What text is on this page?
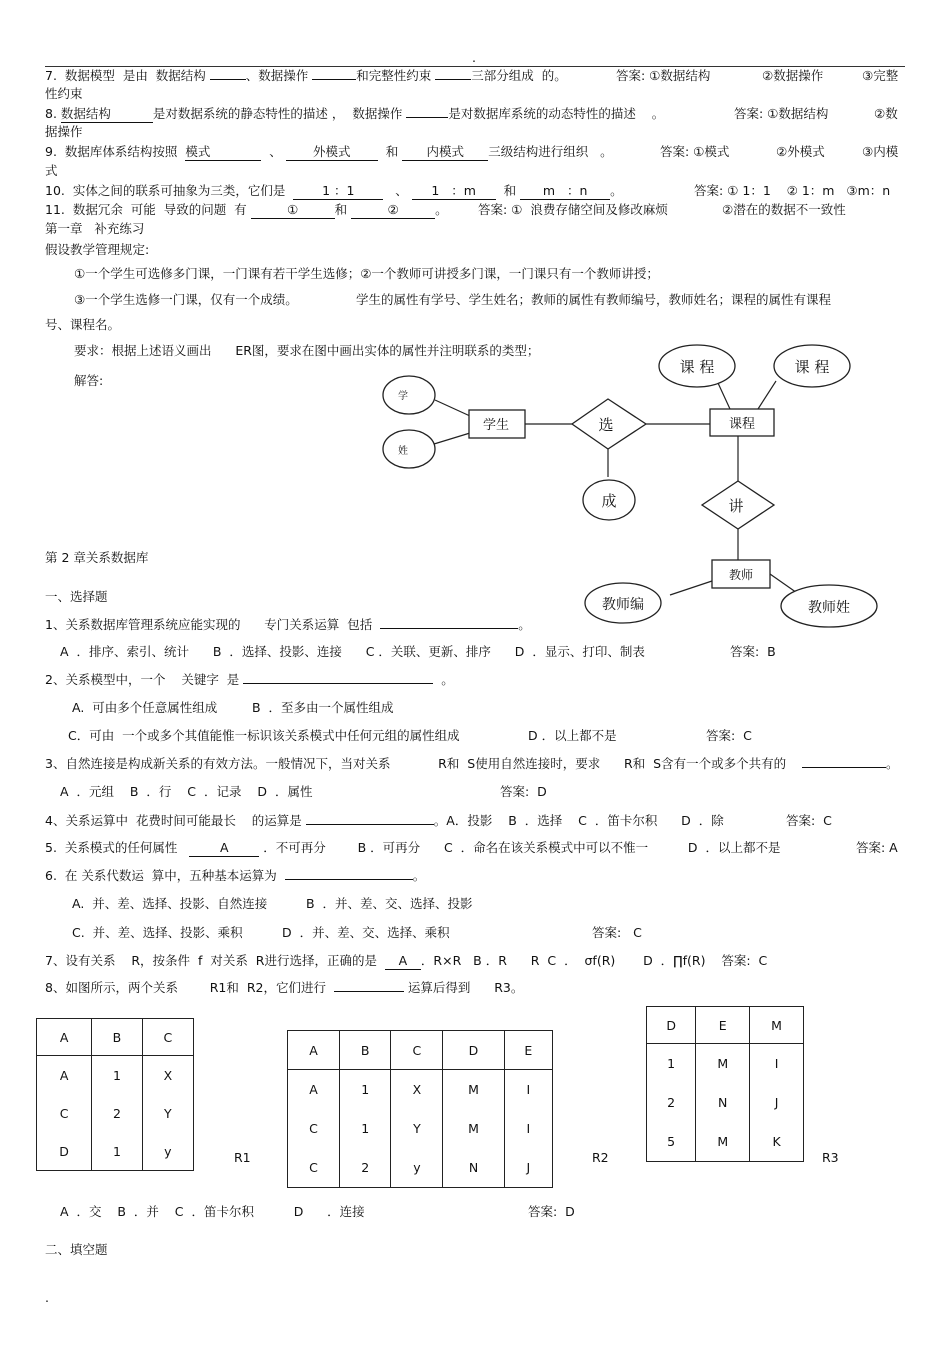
.
7.  数据模型  是由  数据结构	、数据操作	和完整性约束	三部分组成  的。	答案: ①数据结构	②数据操作	③完整
性约束
8. 数据结构	是对数据系统的静态特性的描述 ，  数据操作	是对数据库系统的动态特性的描述 。	答案: ①数据结构	②数
据操作
9.  数据库体系结构按照 模式	、 外模式	和 内模式 三级结构进行组织 。	答案: ①模式	②外模式	③内模
式
10.  实体之间的联系可抽象为三类，它们是	1 ：1	、 1   ：m 和 m   ：n 。	答案: ① 1：1    ② 1：m   ③m：n
11.  数据冗余  可能  导致的问题  有	①	和	②	。 答案: ①  浪费存储空间及修改麻烦	②潜在的数据不一致性
第一章   补充练习
假设教学管理规定:
①一个学生可选修多门课，一门课有若干学生选修；②一个教师可讲授多门课，一门课只有一个教师讲授；
③一个学生选修一门课，仅有一个成绩。	学生的属性有学号、学生姓名；教师的属性有教师编号，教师姓名；课程的属性有课程
号、课程名。
要求：根据上述语义画出      ER图，要求在图中画出实体的属性并注明联系的类型；
解答:
学
姓
学生	选
成
课程
课 程	课 程
讲
教师
教师编	教师姓
第 2 章关系数据库
一、选择题
1、关系数据库管理系统应能实现的      专门关系运算  包括	。
A  ．排序、索引、统计      B  ．选择、投影、连接      C ．关联、更新、排序      D  ．显示、打印、制表	答案:  B
2、关系模型中，一个    关键字  是	。
A.  可由多个任意属性组成	B  ．至多由一个属性组成
C．可由  一个或多个其值能惟一标识该关系模式中任何元组的属性组成	D ．以上都不是	答案:  C
3、自然连接是构成新关系的有效方法。一般情况下，当对关系            R和  S使用自然连接时，要求      R和  S含有一个或多个共有的	。
A  ．元组    B  ．行    C  ．记录    D  ．属性	答案:  D
4、关系运算中  花费时间可能最长    的运算是	。A．投影    B  ．选择    C  ．笛卡尔积      D  ．除	答案:  C
5.  关系模式的任何属性	A	．不可再分        B ．可再分      C  ．命名在该关系模式中可以不惟一          D  ．以上都不是	答案: A
6.  在 关系代数运  算中，五种基本运算为	。
A.  并、差、选择、投影、自然连接	B  ．并、差、交、选择、投影
C.  并、差、选择、投影、乘积	D  ．并、差、交、选择、乘积	答案:   C
7、设有关系    R，按条件  f  对关系  R进行选择，正确的是 A ．R×R   B ．R      R  C  ．  σf(R)       D  ．∏f(R)    答案:  C
8、如图所示，两个关系        R1和  R2，它们进行	运算后得到      R3。
A	B	C
A	1	X
C	2	Y
D	1	y	R1
A	B	C	D	E
A	1	X	M	I
C	1	Y	M	I
C	2	y	N	J
R2
D	E	M
1	M	I
2	N	J
5	M	K
R3
A  ．交    B  ．并    C  ．笛卡尔积          D      ．连接	答案:  D
二、填空题
.
